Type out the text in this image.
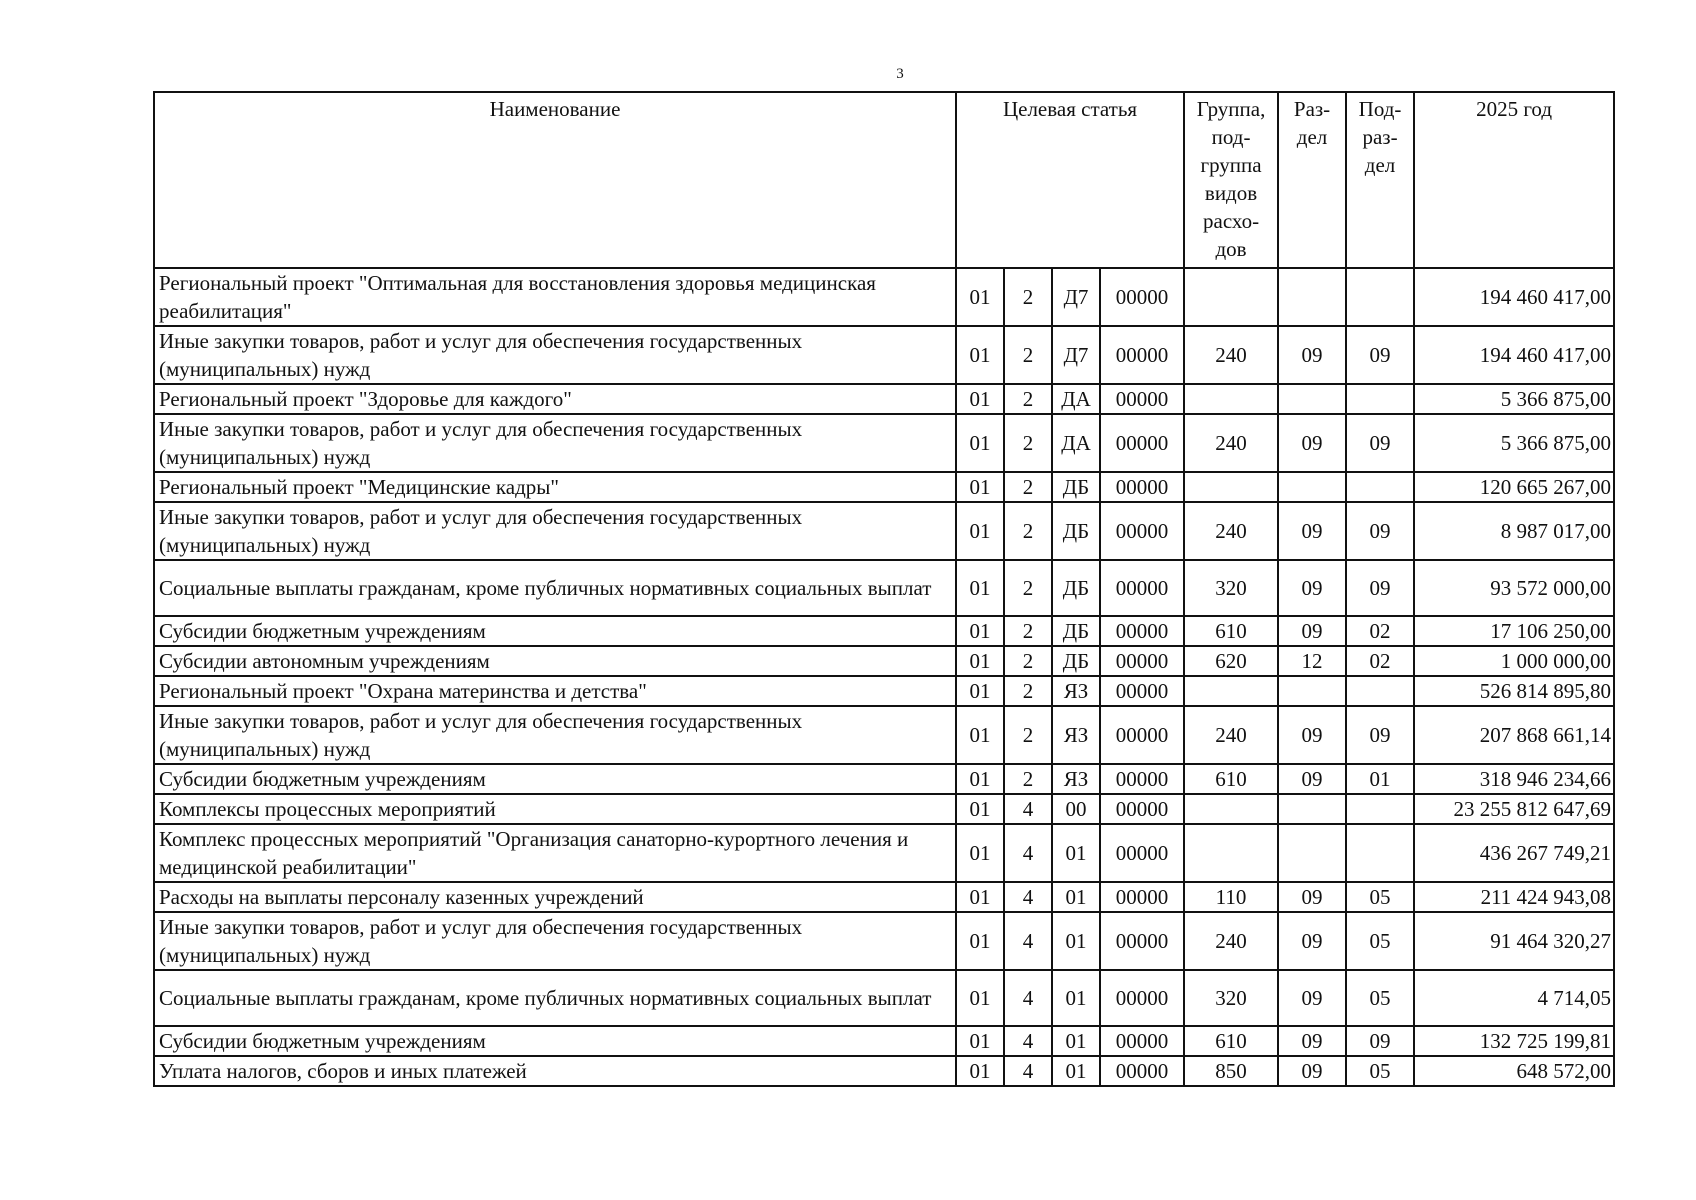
3
Наименование	Целевая статья				Группа, под-группа видов расхо-дов	Раз-дел	Под-раз-дел	2025 год
Региональный проект "Оптимальная для восстановления здоровья медицинская реабилитация"	01	2	Д7	00000				194 460 417,00
Иные закупки товаров, работ и услуг для обеспечения государственных (муниципальных) нужд	01	2	Д7	00000	240	09	09	194 460 417,00
Региональный проект "Здоровье для каждого"	01	2	ДА	00000				5 366 875,00
Иные закупки товаров, работ и услуг для обеспечения государственных (муниципальных) нужд	01	2	ДА	00000	240	09	09	5 366 875,00
Региональный проект "Медицинские кадры"	01	2	ДБ	00000				120 665 267,00
Иные закупки товаров, работ и услуг для обеспечения государственных (муниципальных) нужд	01	2	ДБ	00000	240	09	09	8 987 017,00
Социальные выплаты гражданам, кроме публичных нормативных социальных выплат	01	2	ДБ	00000	320	09	09	93 572 000,00
Субсидии бюджетным учреждениям	01	2	ДБ	00000	610	09	02	17 106 250,00
Субсидии автономным учреждениям	01	2	ДБ	00000	620	12	02	1 000 000,00
Региональный проект "Охрана материнства и детства"	01	2	ЯЗ	00000				526 814 895,80
Иные закупки товаров, работ и услуг для обеспечения государственных (муниципальных) нужд	01	2	ЯЗ	00000	240	09	09	207 868 661,14
Субсидии бюджетным учреждениям	01	2	ЯЗ	00000	610	09	01	318 946 234,66
Комплексы процессных мероприятий	01	4	00	00000				23 255 812 647,69
Комплекс процессных мероприятий "Организация санаторно-курортного лечения и медицинской реабилитации"	01	4	01	00000				436 267 749,21
Расходы на выплаты персоналу казенных учреждений	01	4	01	00000	110	09	05	211 424 943,08
Иные закупки товаров, работ и услуг для обеспечения государственных (муниципальных) нужд	01	4	01	00000	240	09	05	91 464 320,27
Социальные выплаты гражданам, кроме публичных нормативных социальных выплат	01	4	01	00000	320	09	05	4 714,05
Субсидии бюджетным учреждениям	01	4	01	00000	610	09	09	132 725 199,81
Уплата налогов, сборов и иных платежей	01	4	01	00000	850	09	05	648 572,00
